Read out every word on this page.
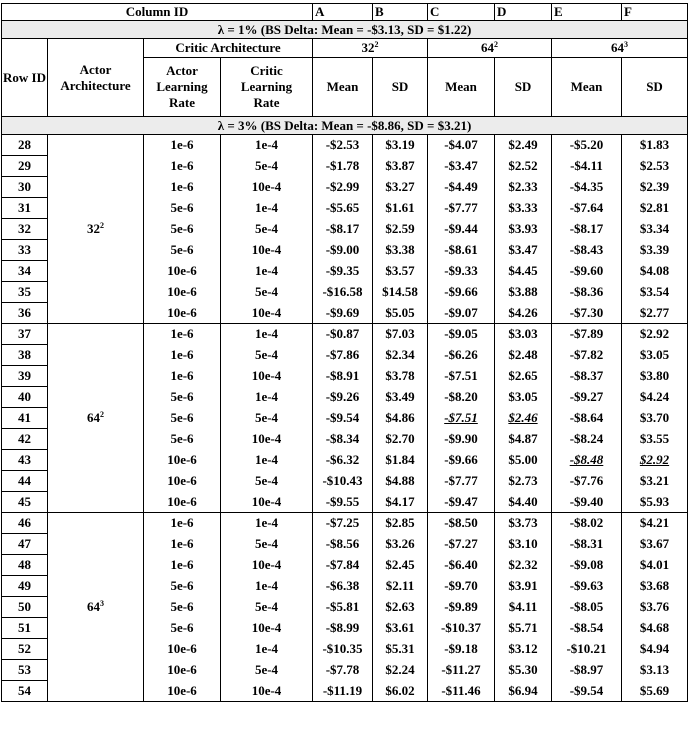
Column ID				A	B	C	D	E	F
λ = 1% (BS Delta: Mean = -$3.13, SD = $1.22)									
Row ID	Actor Architecture	Critic Architecture		$32^2$		$64^2$		$64^3$
		Actor Learning Rate	Critic Learning Rate	Mean	SD	Mean	SD	Mean	SD
λ = 3% (BS Delta: Mean = -$8.86, SD = $3.21)									
28	$32^2$	1e-6	1e-4	-$2.53	$3.19	-$4.07	$2.49	-$5.20	$1.83
29		1e-6	5e-4	-$1.78	$3.87	-$3.47	$2.52	-$4.11	$2.53
30		1e-6	10e-4	-$2.99	$3.27	-$4.49	$2.33	-$4.35	$2.39
31		5e-6	1e-4	-$5.65	$1.61	-$7.77	$3.33	-$7.64	$2.81
32		5e-6	5e-4	-$8.17	$2.59	-$9.44	$3.93	-$8.17	$3.34
33		5e-6	10e-4	-$9.00	$3.38	-$8.61	$3.47	-$8.43	$3.39
34		10e-6	1e-4	-$9.35	$3.57	-$9.33	$4.45	-$9.60	$4.08
35		10e-6	5e-4	-$16.58	$14.58	-$9.66	$3.88	-$8.36	$3.54
36		10e-6	10e-4	-$9.69	$5.05	-$9.07	$4.26	-$7.30	$2.77
37	$64^2$	1e-6	1e-4	-$0.87	$7.03	-$9.05	$3.03	-$7.89	$2.92
38		1e-6	5e-4	-$7.86	$2.34	-$6.26	$2.48	-$7.82	$3.05
39		1e-6	10e-4	-$8.91	$3.78	-$7.51	$2.65	-$8.37	$3.80
40		5e-6	1e-4	-$9.26	$3.49	-$8.20	$3.05	-$9.27	$4.24
41		5e-6	5e-4	-$9.54	$4.86	-$7.51	$2.46	-$8.64	$3.70
42		5e-6	10e-4	-$8.34	$2.70	-$9.90	$4.87	-$8.24	$3.55
43		10e-6	1e-4	-$6.32	$1.84	-$9.66	$5.00	-$8.48	$2.92
44		10e-6	5e-4	-$10.43	$4.88	-$7.77	$2.73	-$7.76	$3.21
45		10e-6	10e-4	-$9.55	$4.17	-$9.47	$4.40	-$9.40	$5.93
46	$64^3$	1e-6	1e-4	-$7.25	$2.85	-$8.50	$3.73	-$8.02	$4.21
47		1e-6	5e-4	-$8.56	$3.26	-$7.27	$3.10	-$8.31	$3.67
48		1e-6	10e-4	-$7.84	$2.45	-$6.40	$2.32	-$9.08	$4.01
49		5e-6	1e-4	-$6.38	$2.11	-$9.70	$3.91	-$9.63	$3.68
50		5e-6	5e-4	-$5.81	$2.63	-$9.89	$4.11	-$8.05	$3.76
51		5e-6	10e-4	-$8.99	$3.61	-$10.37	$5.71	-$8.54	$4.68
52		10e-6	1e-4	-$10.35	$5.31	-$9.18	$3.12	-$10.21	$4.94
53		10e-6	5e-4	-$7.78	$2.24	-$11.27	$5.30	-$8.97	$3.13
54		10e-6	10e-4	-$11.19	$6.02	-$11.46	$6.94	-$9.54	$5.69
